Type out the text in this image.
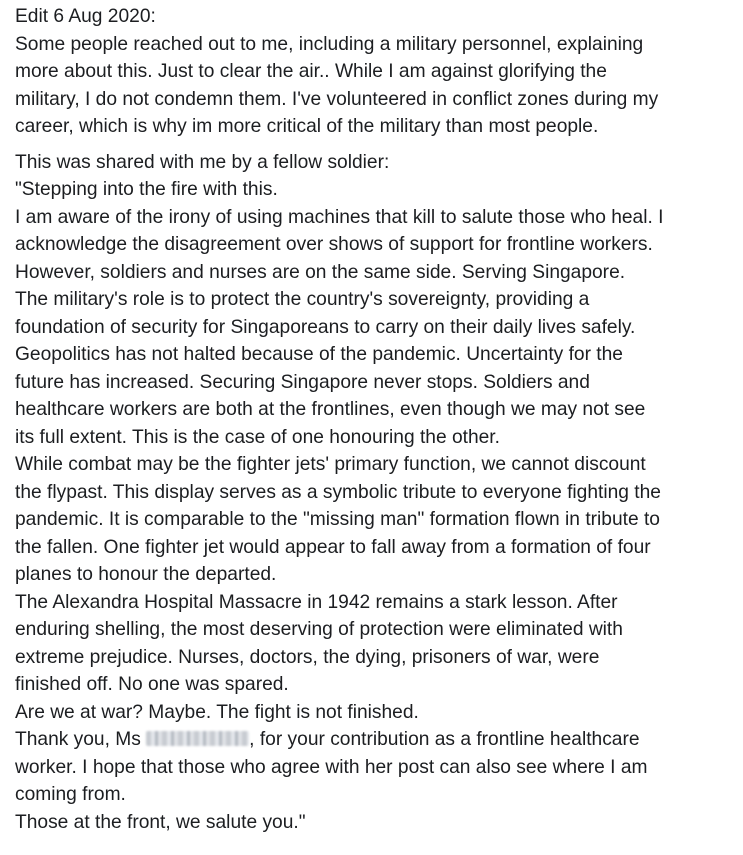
Edit 6 Aug 2020:
Some people reached out to me, including a military personnel, explaining
more about this. Just to clear the air.. While I am against glorifying the
military, I do not condemn them. I've volunteered in conflict zones during my
career, which is why im more critical of the military than most people.
This was shared with me by a fellow soldier:
"Stepping into the fire with this.
I am aware of the irony of using machines that kill to salute those who heal. I
acknowledge the disagreement over shows of support for frontline workers.
However, soldiers and nurses are on the same side. Serving Singapore.
The military's role is to protect the country's sovereignty, providing a
foundation of security for Singaporeans to carry on their daily lives safely.
Geopolitics has not halted because of the pandemic. Uncertainty for the
future has increased. Securing Singapore never stops. Soldiers and
healthcare workers are both at the frontlines, even though we may not see
its full extent. This is the case of one honouring the other.
While combat may be the fighter jets' primary function, we cannot discount
the flypast. This display serves as a symbolic tribute to everyone fighting the
pandemic. It is comparable to the "missing man" formation flown in tribute to
the fallen. One fighter jet would appear to fall away from a formation of four
planes to honour the departed.
The Alexandra Hospital Massacre in 1942 remains a stark lesson. After
enduring shelling, the most deserving of protection were eliminated with
extreme prejudice. Nurses, doctors, the dying, prisoners of war, were
finished off. No one was spared.
Are we at war? Maybe. The fight is not finished.
Thank you, Ms	, for your contribution as a frontline healthcare
worker. I hope that those who agree with her post can also see where I am
coming from.
Those at the front, we salute you."
